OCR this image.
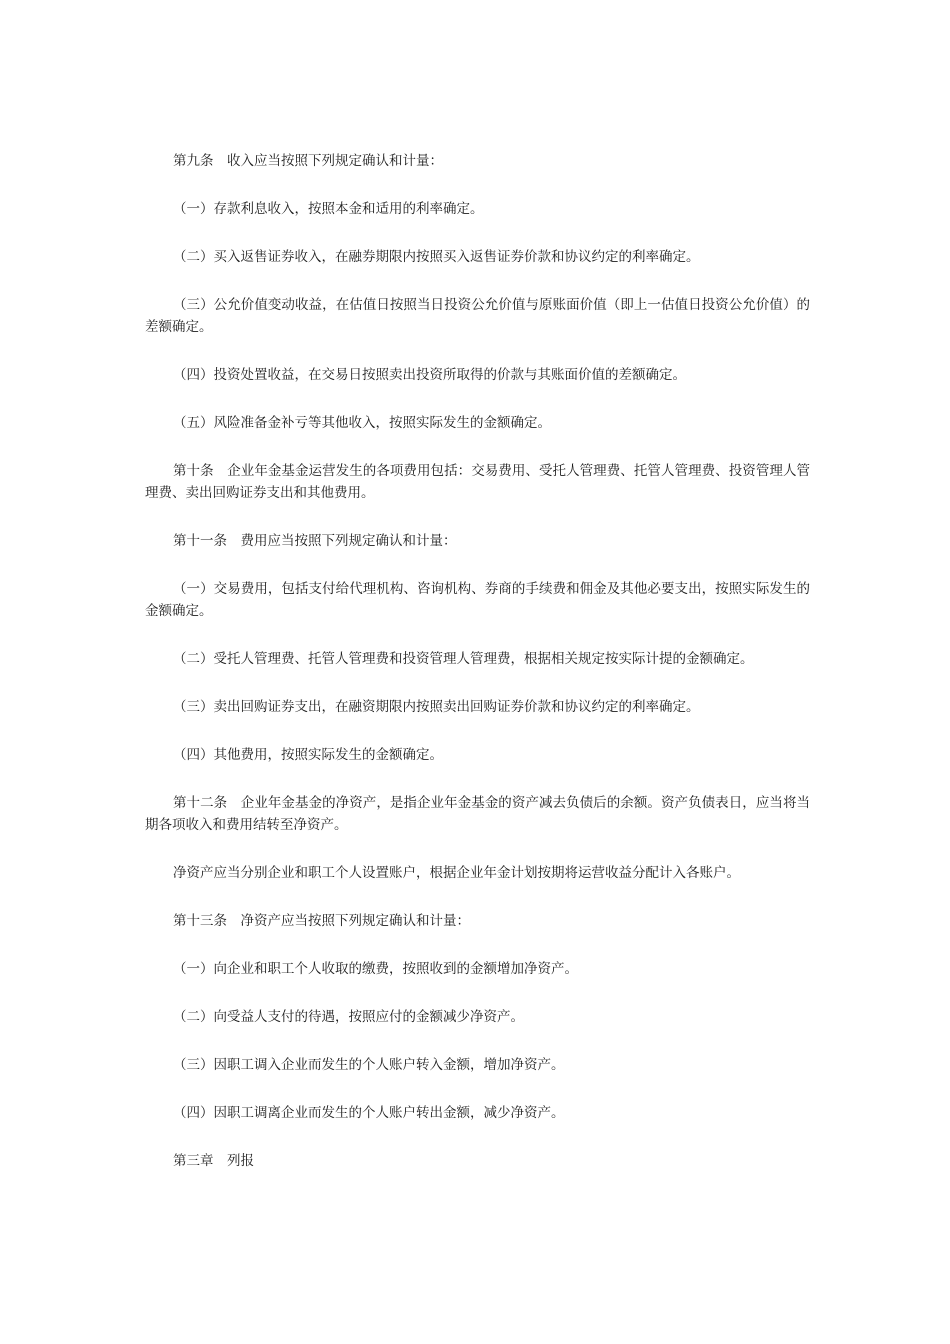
第九条　收入应当按照下列规定确认和计量：

（一）存款利息收入，按照本金和适用的利率确定。

（二）买入返售证券收入，在融券期限内按照买入返售证券价款和协议约定的利率确定。

（三）公允价值变动收益，在估值日按照当日投资公允价值与原账面价值（即上一估值日投资公允价值）的差额确定。

（四）投资处置收益，在交易日按照卖出投资所取得的价款与其账面价值的差额确定。

（五）风险准备金补亏等其他收入，按照实际发生的金额确定。

第十条　企业年金基金运营发生的各项费用包括：交易费用、受托人管理费、托管人管理费、投资管理人管理费、卖出回购证券支出和其他费用。

第十一条　费用应当按照下列规定确认和计量：

（一）交易费用，包括支付给代理机构、咨询机构、券商的手续费和佣金及其他必要支出，按照实际发生的金额确定。

（二）受托人管理费、托管人管理费和投资管理人管理费，根据相关规定按实际计提的金额确定。

（三）卖出回购证券支出，在融资期限内按照卖出回购证券价款和协议约定的利率确定。

（四）其他费用，按照实际发生的金额确定。

第十二条　企业年金基金的净资产，是指企业年金基金的资产减去负债后的余额。资产负债表日，应当将当期各项收入和费用结转至净资产。

净资产应当分别企业和职工个人设置账户，根据企业年金计划按期将运营收益分配计入各账户。

第十三条　净资产应当按照下列规定确认和计量：

（一）向企业和职工个人收取的缴费，按照收到的金额增加净资产。

（二）向受益人支付的待遇，按照应付的金额减少净资产。

（三）因职工调入企业而发生的个人账户转入金额，增加净资产。

（四）因职工调离企业而发生的个人账户转出金额，减少净资产。

第三章　列报
